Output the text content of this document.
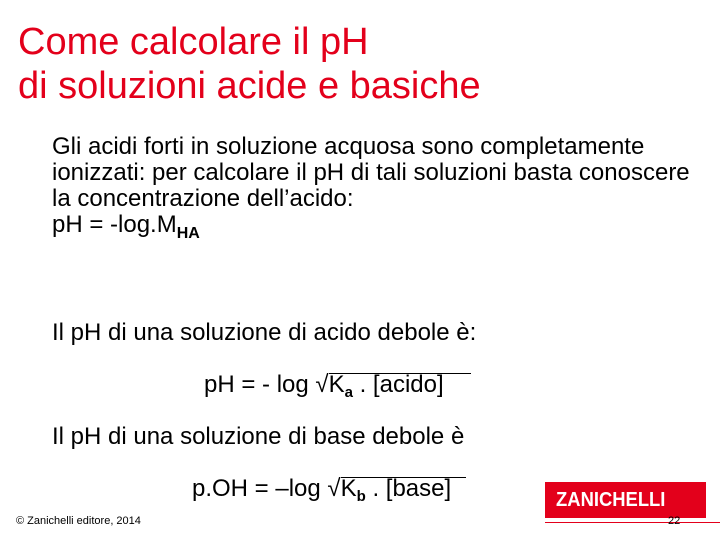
Come calcolare il pH
di soluzioni acide e basiche

Gli acidi forti in soluzione acquosa sono completamente ionizzati: per calcolare il pH di tali soluzioni basta conoscere la concentrazione dell’acido:

pH = $-\log.M_{HA}$

Il pH di una soluzione di acido debole è:

pH = - $\log √K_a$ . [acido]

Il pH di una soluzione di base debole è

p.OH = –log $√K_b$ . [base]
© Zanichelli editore, 2014
ZANICHELLI
22
